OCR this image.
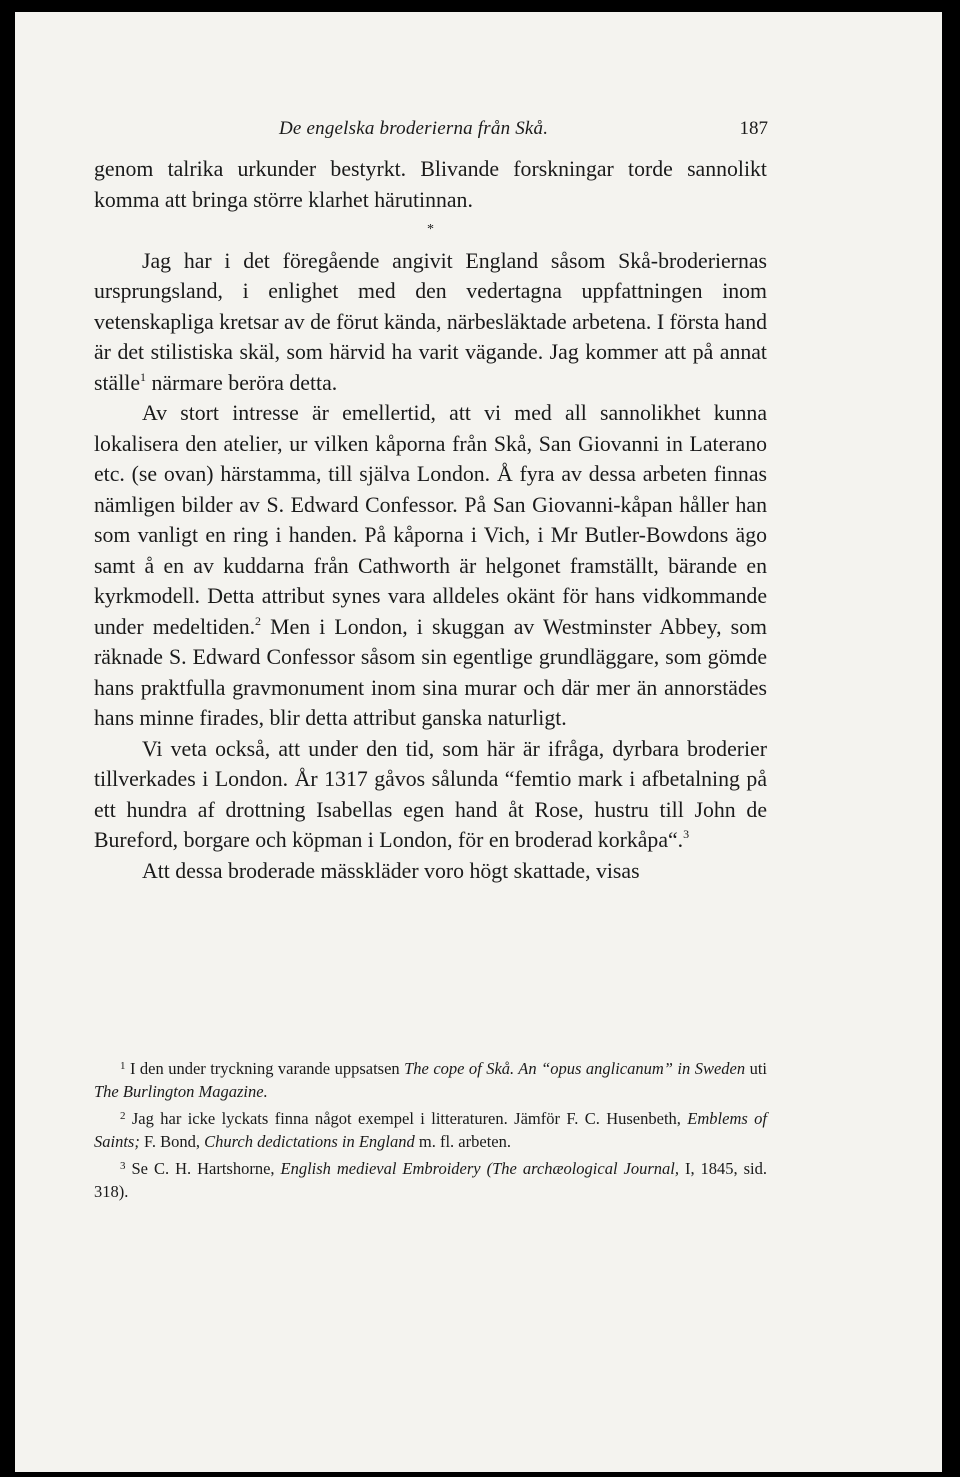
De engelska broderierna från Skå.	187

genom talrika urkunder bestyrkt. Blivande forskningar torde sannolikt komma att bringa större klarhet härutinnan.

*

Jag har i det föregående angivit England såsom Skå-broderiernas ursprungsland, i enlighet med den vedertagna uppfattningen inom vetenskapliga kretsar av de förut kända, närbesläktade arbetena. I första hand är det stilistiska skäl, som härvid ha varit vägande. Jag kommer att på annat ställe$^1$ närmare beröra detta.

Av stort intresse är emellertid, att vi med all sannolikhet kunna lokalisera den atelier, ur vilken kåporna från Skå, San Giovanni in Laterano etc. (se ovan) härstamma, till själva London. Å fyra av dessa arbeten finnas nämligen bilder av S. Edward Confessor. På San Giovanni-kåpan håller han som vanligt en ring i handen. På kåporna i Vich, i Mr Butler-Bowdons ägo samt å en av kuddarna från Cathworth är helgonet framställt, bärande en kyrkmodell. Detta attribut synes vara alldeles okänt för hans vidkommande under medeltiden.$^2$ Men i London, i skuggan av Westminster Abbey, som räknade S. Edward Confessor såsom sin egentlige grundläggare, som gömde hans praktfulla gravmonument inom sina murar och där mer än annorstädes hans minne firades, blir detta attribut ganska naturligt.

Vi veta också, att under den tid, som här är ifråga, dyrbara broderier tillverkades i London. År 1317 gåvos sålunda “femtio mark i afbetalning på ett hundra af drottning Isabellas egen hand åt Rose, hustru till John de Bureford, borgare och köpman i London, för en broderad korkåpa“.$^3$

Att dessa broderade mässkläder voro högt skattade, visas

$^1$ I den under tryckning varande uppsatsen The cope of Skå. An “opus anglicanum” in Sweden uti The Burlington Magazine.

$^2$ Jag har icke lyckats finna något exempel i litteraturen. Jämför F. C. Husenbeth, Emblems of Saints; F. Bond, Church dedictations in England m. fl. arbeten.

$^3$ Se C. H. Hartshorne, English medieval Embroidery (The archæological Journal, I, 1845, sid. 318).
